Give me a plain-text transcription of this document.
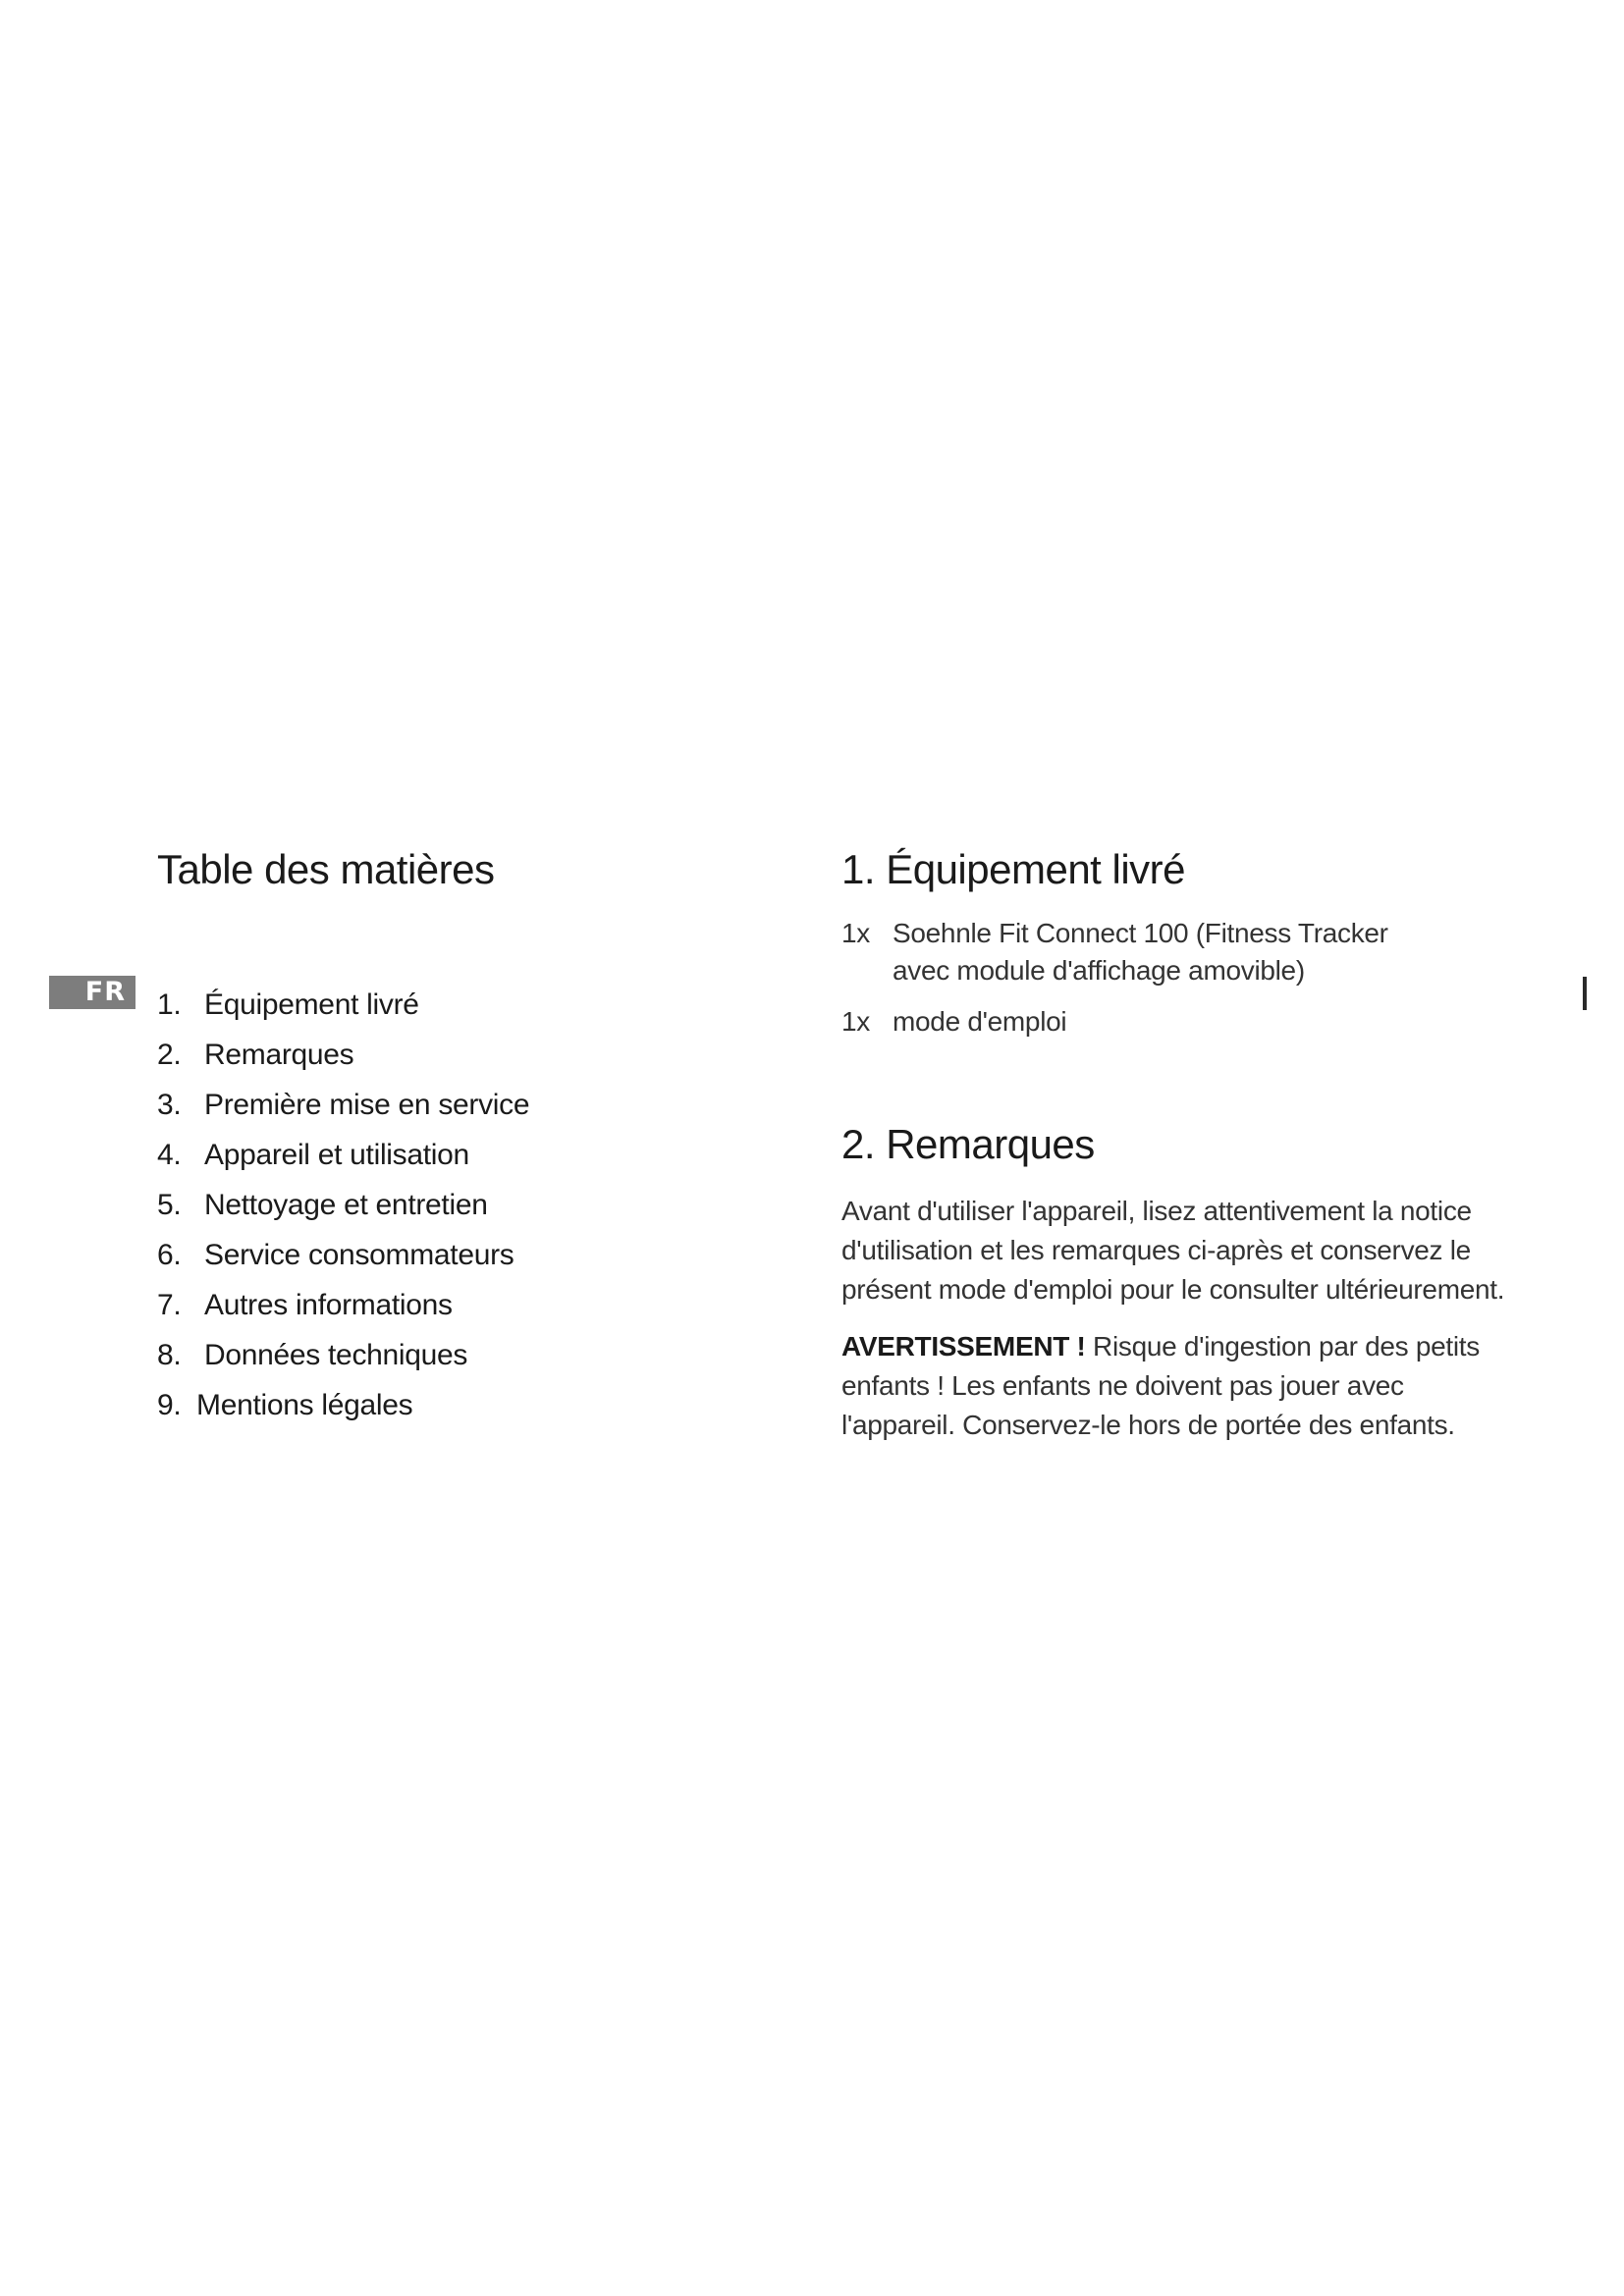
FR
Table des matières
1. Équipement livré
2. Remarques
3. Première mise en service
4. Appareil et utilisation
5. Nettoyage et entretien
6. Service consommateurs
7. Autres informations
8. Données techniques
9. Mentions légales
1. Équipement livré
1x Soehnle Fit Connect 100 (Fitness Tracker
avec module d'affichage amovible)
1x mode d'emploi
2. Remarques

Avant d'utiliser l'appareil, lisez attentivement la notice d'utilisation et les remarques ci-après et conservez le présent mode d'emploi pour le consulter ultérieurement.

AVERTISSEMENT ! Risque d'ingestion par des petits enfants ! Les enfants ne doivent pas jouer avec l'appareil. Conservez-le hors de portée des enfants.
